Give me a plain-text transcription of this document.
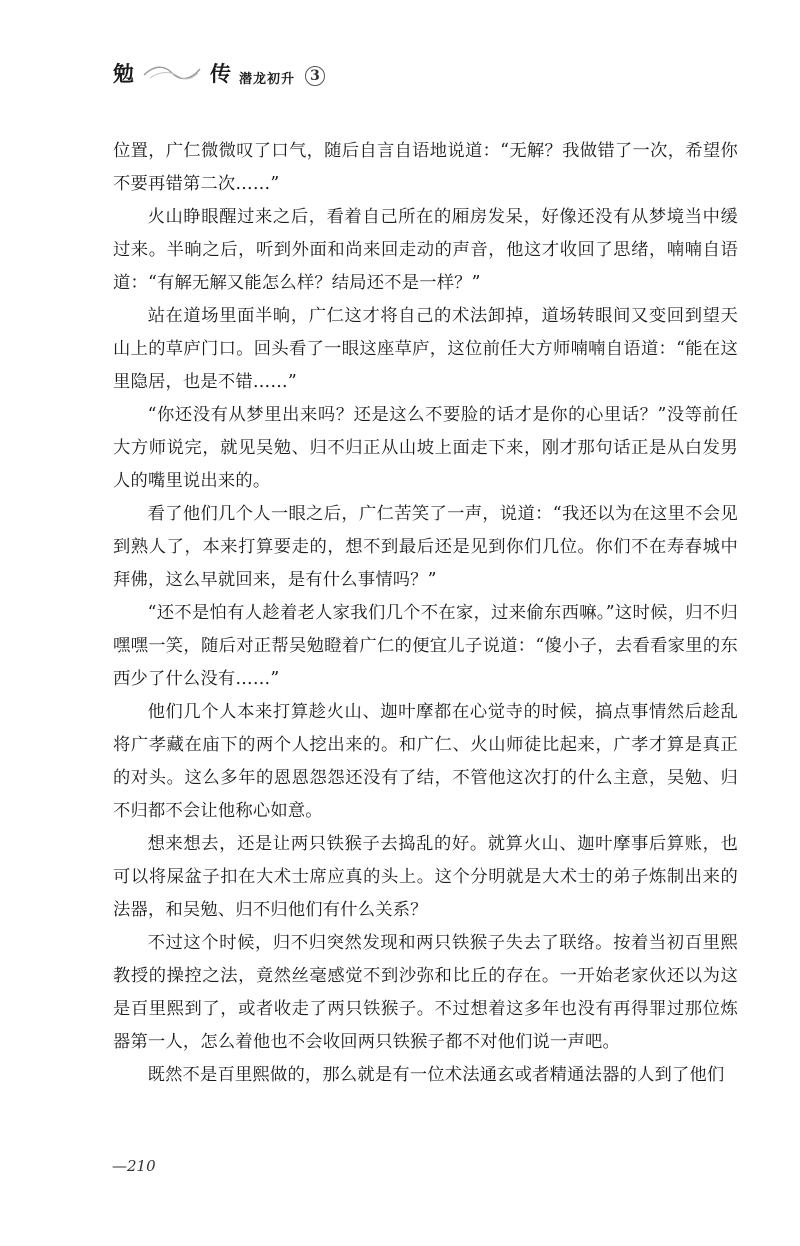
勉	传 潜龙初升	3

位置，广仁微微叹了口气，随后自言自语地说道：“无解？我做错了一次，希望你不要再错第二次……”

火山睁眼醒过来之后，看着自己所在的厢房发呆，好像还没有从梦境当中缓过来。半晌之后，听到外面和尚来回走动的声音，他这才收回了思绪，喃喃自语道：“有解无解又能怎么样？结局还不是一样？”

站在道场里面半晌，广仁这才将自己的术法卸掉，道场转眼间又变回到望天山上的草庐门口。回头看了一眼这座草庐，这位前任大方师喃喃自语道：“能在这里隐居，也是不错……”

“你还没有从梦里出来吗？还是这么不要脸的话才是你的心里话？”没等前任大方师说完，就见吴勉、归不归正从山坡上面走下来，刚才那句话正是从白发男人的嘴里说出来的。

看了他们几个人一眼之后，广仁苦笑了一声，说道：“我还以为在这里不会见到熟人了，本来打算要走的，想不到最后还是见到你们几位。你们不在寿春城中拜佛，这么早就回来，是有什么事情吗？”

“还不是怕有人趁着老人家我们几个不在家，过来偷东西嘛。”这时候，归不归嘿嘿一笑，随后对正帮吴勉瞪着广仁的便宜儿子说道：“傻小子，去看看家里的东西少了什么没有……”

他们几个人本来打算趁火山、迦叶摩都在心觉寺的时候，搞点事情然后趁乱将广孝藏在庙下的两个人挖出来的。和广仁、火山师徒比起来，广孝才算是真正的对头。这么多年的恩恩怨怨还没有了结，不管他这次打的什么主意，吴勉、归不归都不会让他称心如意。

想来想去，还是让两只铁猴子去捣乱的好。就算火山、迦叶摩事后算账，也可以将屎盆子扣在大术士席应真的头上。这个分明就是大术士的弟子炼制出来的法器，和吴勉、归不归他们有什么关系？

不过这个时候，归不归突然发现和两只铁猴子失去了联络。按着当初百里熙教授的操控之法，竟然丝毫感觉不到沙弥和比丘的存在。一开始老家伙还以为这是百里熙到了，或者收走了两只铁猴子。不过想着这多年也没有再得罪过那位炼器第一人，怎么着他也不会收回两只铁猴子都不对他们说一声吧。

既然不是百里熙做的，那么就是有一位术法通玄或者精通法器的人到了他们

—210
